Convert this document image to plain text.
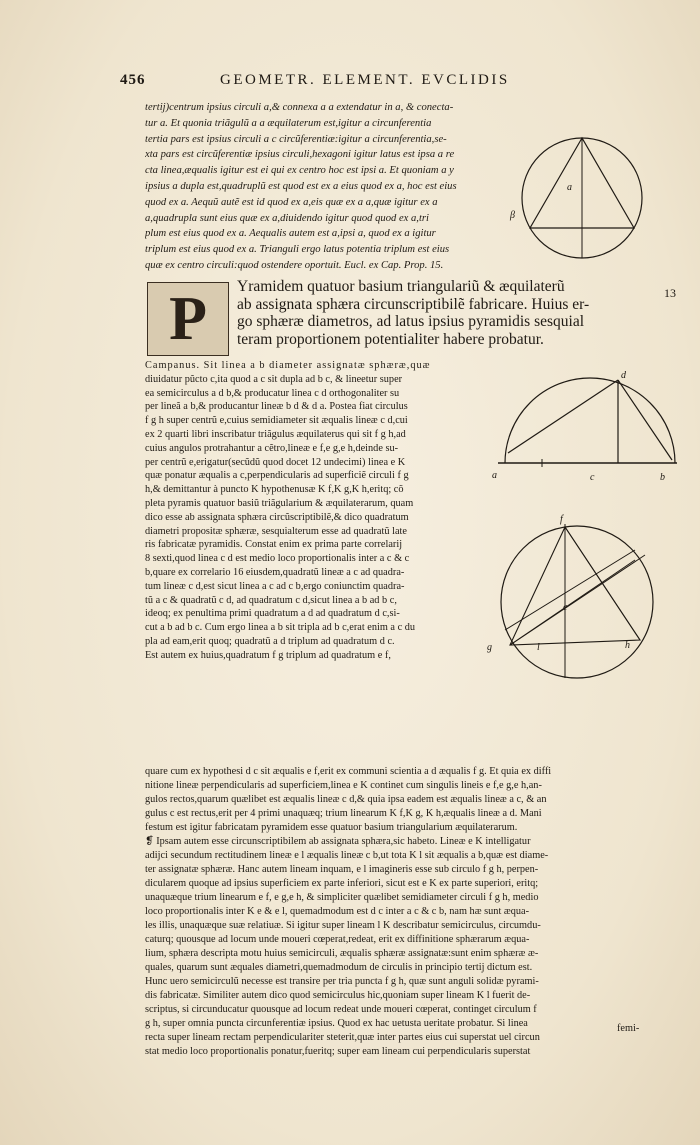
456	GEOMETR. ELEMENT. EVCLIDIS
tertij)centrum ipsius circuli a,& connexa a a extendatur in a, & conecta-
tur a. Et quonia triãgulũ a a æquilaterum est,igitur a circunferentia
tertia pars est ipsius circuli a c circũferentiæ:igitur a circunferentia,se-
xta pars est circũferentiæ ipsius circuli,hexagoni igitur latus est ipsa a re
cta linea,æqualis igitur est ei qui ex centro hoc est ipsi a. Et quoniam a y
ipsius a dupla est,quadruplũ est quod est ex a eius quod ex a, hoc est eius
quod ex a. Aequũ autẽ est id quod ex a,eis quæ ex a a,quæ igitur ex a
a,quadrupla sunt eius quæ ex a,diuidendo igitur quod quod ex a,tri
plum est eius quod ex a. Aequalis autem est a,ipsi a, quod ex a igitur
triplum est eius quod ex a. Trianguli ergo latus potentia triplum est eius
quæ ex centro circuli:quod ostendere oportuit. Eucl. ex Cap. Prop. 15.
a
β
P	Yramidem quatuor basium triangulariũ & æquilaterũ
ab assignata sphæra circunscriptibilẽ fabricare. Huius er-
go sphæræ diametros, ad latus ipsius pyramidis sesquial
teram proportionem potentialiter habere probatur.
13
Campanus. Sit linea a b diameter assignatæ sphæræ,quæ
diuidatur pũcto c,ita quod a c sit dupla ad b c, & lineetur super
ea semicirculus a d b,& producatur linea c d orthogonaliter su
per lineã a b,& producantur lineæ b d & d a. Postea fiat circulus
f g h super centrũ e,cuius semidiameter sit æqualis lineæ c d,cui
ex 2 quarti libri inscribatur triãgulus æquilaterus qui sit f g h,ad
cuius angulos protrahantur a cẽtro,lineæ e f,e g,e h,deinde su-
per centrũ e,erigatur(secũdũ quod docet 12 undecimi) linea e K
quæ ponatur æqualis a c,perpendicularis ad superficiẽ circuli f g
h,& demittantur à puncto K hypothenusæ K f,K g,K h,eritq; cõ
pleta pyramis quatuor basiũ triãgularium & æquilaterarum, quam
dico esse ab assignata sphæra circũscriptibilẽ,& dico quadratum
diametri propositæ sphæræ, sesquialterum esse ad quadratũ late
ris fabricatæ pyramidis. Constat enim ex prima parte correlarij
8 sexti,quod linea c d est medio loco proportionalis inter a c & c
b,quare ex correlario 16 eiusdem,quadratũ lineæ a c ad quadra-
tum lineæ c d,est sicut linea a c ad c b,ergo coniunctim quadra-
tũ a c & quadratũ c d, ad quadratum c d,sicut linea a b ad b c,
ideoq; ex penultima primi quadratum a d ad quadratum d c,si-
cut a b ad b c. Cum ergo linea a b sit tripla ad b c,erat enim a c du
pla ad eam,erit quoq; quadratũ a d triplum ad quadratum d c.
Est autem ex huius,quadratum f g triplum ad quadratum e f,
d
a	c	b
f
e
g	l	h
quare cum ex hypothesi d c sit æqualis e f,erit ex communi scientia a d æqualis f g. Et quia ex diffi
nitione lineæ perpendicularis ad superficiem,linea e K continet cum singulis lineis e f,e g,e h,an-
gulos rectos,quarum quælibet est æqualis lineæ c d,& quia ipsa eadem est æqualis lineæ a c, & an
gulus c est rectus,erit per 4 primi unaquæq; trium linearum K f,K g, K h,æqualis lineæ a d. Mani
festum est igitur fabricatam pyramidem esse quatuor basium triangularium æquilaterarum.
❡ Ipsam autem esse circunscriptibilem ab assignata sphæra,sic habeto. Lineæ e K intelligatur
adijci secundum rectitudinem lineæ e l æqualis lineæ c b,ut tota K l sit æqualis a b,quæ est diame-
ter assignatæ sphæræ. Hanc autem lineam inquam, e l imagineris esse sub circulo f g h, perpen-
dicularem quoque ad ipsius superficiem ex parte inferiori, sicut est e K ex parte superiori, eritq;
unaquæque trium linearum e f, e g,e h, & simpliciter quælibet semidiameter circuli f g h, medio
loco proportionalis inter K e & e l, quemadmodum est d c inter a c & c b, nam hæ sunt æqua-
les illis, unaquæque suæ relatiuæ. Si igitur super lineam l K describatur semicirculus, circumdu-
caturq; quousque ad locum unde moueri cœperat,redeat, erit ex diffinitione sphærarum æqua-
lium, sphæra descripta motu huius semicirculi, æqualis sphæræ assignatæ:sunt enim sphæræ æ-
quales, quarum sunt æquales diametri,quemadmodum de circulis in principio tertij dictum est.
Hunc uero semicirculũ necesse est transire per tria puncta f g h, quæ sunt anguli solidæ pyrami-
dis fabricatæ. Similiter autem dico quod semicirculus hic,quoniam super lineam K l fuerit de-
scriptus, si circunducatur quousque ad locum redeat unde moueri cœperat, continget circulum f
g h, super omnia puncta circunferentiæ ipsius. Quod ex hac uetusta ueritate probatur. Si linea
recta super lineam rectam perpendiculariter steterit,quæ inter partes eius cui superstat uel circun
stat medio loco proportionalis ponatur,fueritq; super eam lineam cui perpendicularis superstat
femi-
